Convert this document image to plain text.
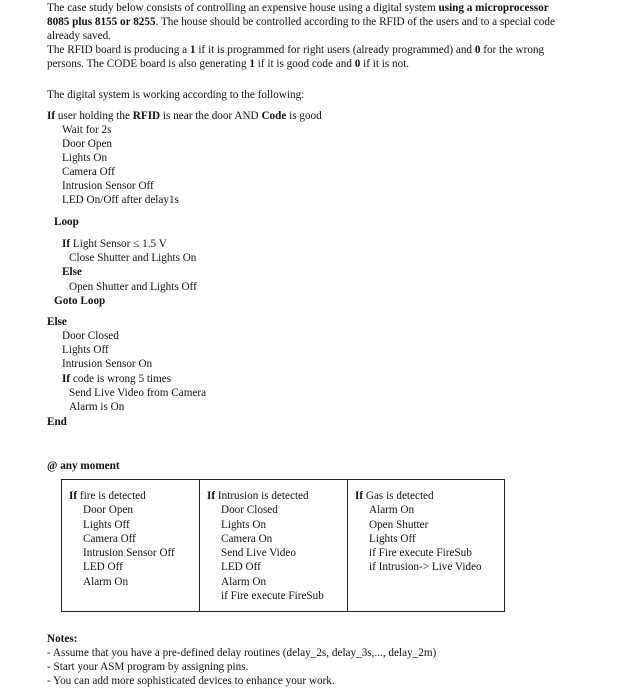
The case study below consists of controlling an expensive house using a digital system using a microprocessor 8085 plus 8155 or 8255. The house should be controlled according to the RFID of the users and to a special code already saved.
The RFID board is producing a 1 if it is programmed for right users (already programmed) and 0 for the wrong persons. The CODE board is also generating 1 if it is good code and 0 if it is not.
The digital system is working according to the following:
If user holding the RFID is near the door AND Code is good
Wait for 2s
Door Open
Lights On
Camera Off
Intrusion Sensor Off
LED On/Off after delay1s
Loop
If Light Sensor ≤ 1.5 V
Close Shutter and Lights On
Else
Open Shutter and Lights Off
Goto Loop
Else
Door Closed
Lights Off
Intrusion Sensor On
If code is wrong 5 times
Send Live Video from Camera
Alarm is On
End
@ any moment
If fire is detected
Door Open
Lights Off
Camera Off
Intrusion Sensor Off
LED Off
Alarm On

If Intrusion is detected
Door Closed
Lights On
Camera On
Send Live Video
LED Off
Alarm On
if Fire execute FireSub

If Gas is detected
Alarm On
Open Shutter
Lights Off
if Fire execute FireSub
if Intrusion-> Live Video
Notes:
- Assume that you have a pre-defined delay routines (delay_2s, delay_3s,..., delay_2m)
- Start your ASM program by assigning pins.
- You can add more sophisticated devices to enhance your work.
